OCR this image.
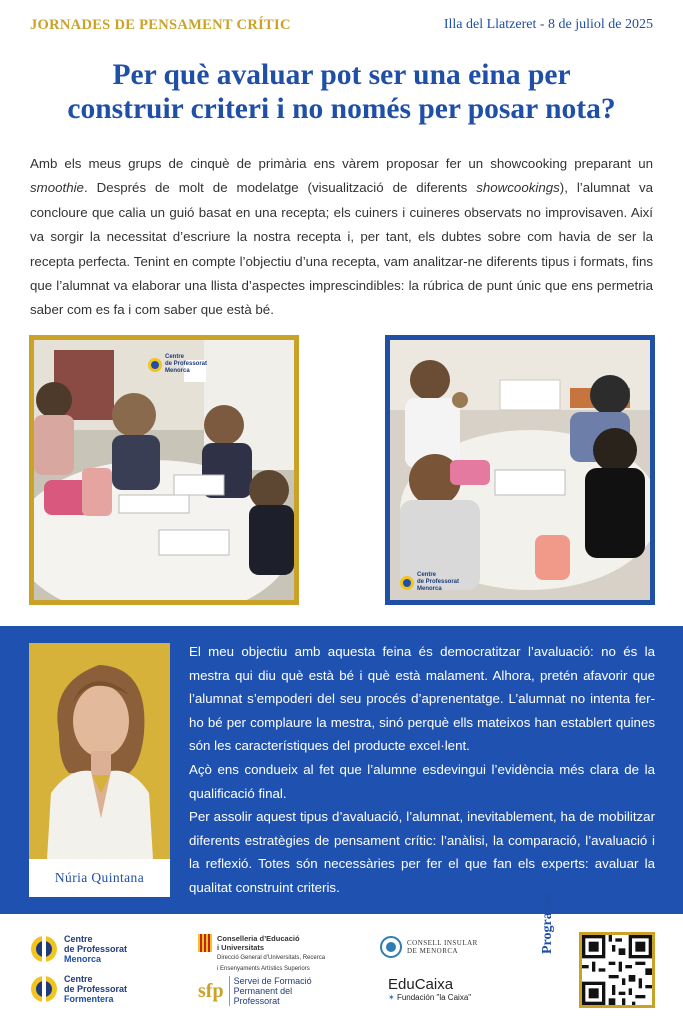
JORNADES DE PENSAMENT CRÍTIC	Illa del Llatzeret - 8 de juliol de 2025
Per què avaluar pot ser una eina per
construir criteri i no només per posar nota?

Amb els meus grups de cinquè de primària ens vàrem proposar fer un showcooking preparant un smoothie. Després de molt de modelatge (visualització de diferents showcookings), l’alumnat va concloure que calia un guió basat en una recepta; els cuiners i cuineres observats no improvisaven. Així va sorgir la necessitat d’escriure la nostra recepta i, per tant, els dubtes sobre com havia de ser la recepta perfecta. Tenint en compte l’objectiu d’una recepta, vam analitzar-ne diferents tipus i formats, fins que l’alumnat va elaborar una llista d’aspectes imprescindibles: la rúbrica de punt únic que ens permetria saber com es fa i com saber que està bé.

Centre
de Professorat
Menorca
Centre
de Professorat
Menorca
Núria Quintana

El meu objectiu amb aquesta feina és democratitzar l’avaluació: no és la mestra qui diu què està bé i què està malament. Alhora, pretén afavorir que l’alumnat s’empoderi del seu procés d’aprenentatge. L’alumnat no intenta fer-ho bé per complaure la mestra, sinó perquè ells mateixos han establert quines són les característiques del producte excel·lent.

Açò ens condueix al fet que l’alumne esdevingui l’evidència més clara de la qualificació final.

Per assolir aquest tipus d’avaluació, l’alumnat, inevitablement, ha de mobilitzar diferents estratègies de pensament crític: l’anàlisi, la comparació, l’avaluació i la reflexió. Totes són necessàries per fer el que fan els experts: avaluar la qualitat construint criteris.

Centre
de Professorat
Menorca
Centre
de Professorat
Formentera
Conselleria d’Educació
i Universitats
Direcció General d’Universitats, Recerca
i Ensenyaments Artístics Superiors
sfp	Servei de Formació
Permanent del
Professorat
CONSELL INSULAR
DE MENORCA
EduCaixa
✶ Fundación "la Caixa"
Programa
